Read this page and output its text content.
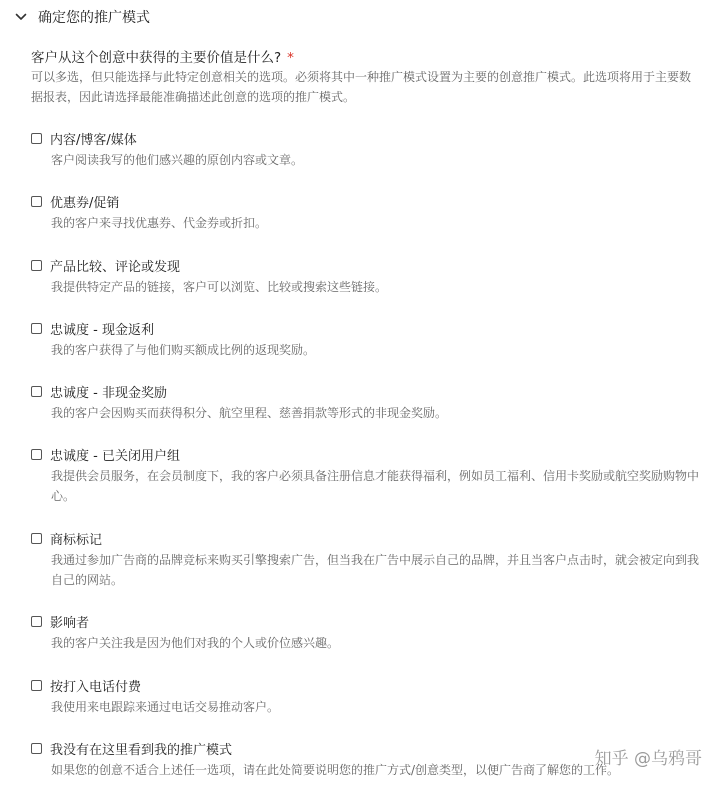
确定您的推广模式
客户从这个创意中获得的主要价值是什么? *
可以多选，但只能选择与此特定创意相关的选项。必须将其中一种推广模式设置为主要的创意推广模式。此选项将用于主要数据报表，因此请选择最能准确描述此创意的选项的推广模式。
内容/博客/媒体
客户阅读我写的他们感兴趣的原创内容或文章。
优惠券/促销
我的客户来寻找优惠券、代金券或折扣。
产品比较、评论或发现
我提供特定产品的链接，客户可以浏览、比较或搜索这些链接。
忠诚度 - 现金返利
我的客户获得了与他们购买额成比例的返现奖励。
忠诚度 - 非现金奖励
我的客户会因购买而获得积分、航空里程、慈善捐款等形式的非现金奖励。
忠诚度 - 已关闭用户组
我提供会员服务，在会员制度下，我的客户必须具备注册信息才能获得福利，例如员工福利、信用卡奖励或航空奖励购物中心。
商标标记
我通过参加广告商的品牌竞标来购买引擎搜索广告，但当我在广告中展示自己的品牌，并且当客户点击时，就会被定向到我自己的网站。
影响者
我的客户关注我是因为他们对我的个人或价位感兴趣。
按打入电话付费
我使用来电跟踪来通过电话交易推动客户。
我没有在这里看到我的推广模式
如果您的创意不适合上述任一选项，请在此处简要说明您的推广方式/创意类型，以便广告商了解您的工作。
知乎 @乌鸦哥
